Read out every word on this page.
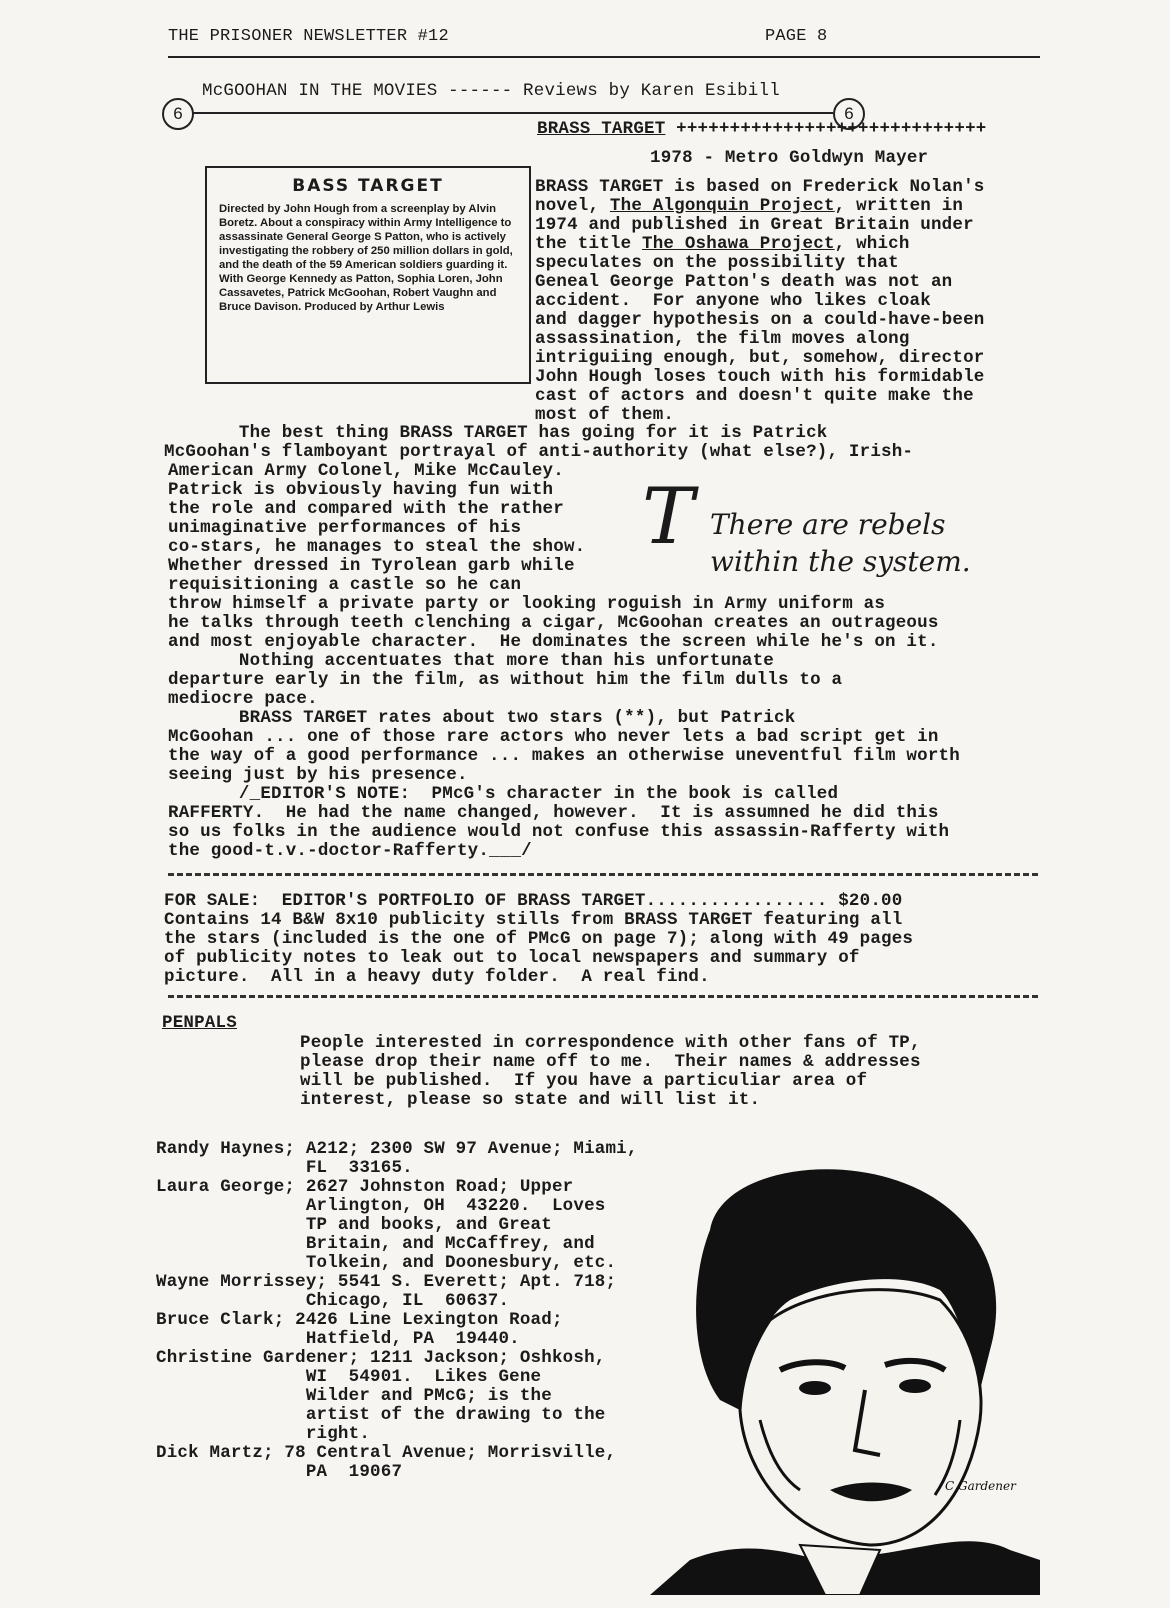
THE PRISONER NEWSLETTER #12	PAGE 8
McGOOHAN IN THE MOVIES ------ Reviews by Karen Esibill
6	6
BRASS TARGET +++++++++++++++++++++++++++++
1978 - Metro Goldwyn Mayer
BASS TARGET
Directed by John Hough from a screenplay by Alvin Boretz. About a conspiracy within Army Intelligence to assassinate General George S Patton, who is actively investigating the robbery of 250 million dollars in gold, and the death of the 59 American soldiers guarding it. With George Kennedy as Patton, Sophia Loren, John Cassavetes, Patrick McGoohan, Robert Vaughn and Bruce Davison. Produced by Arthur Lewis
BRASS TARGET is based on Frederick Nolan's
novel, The Algonquin Project, written in
1974 and published in Great Britain under
the title The Oshawa Project, which
speculates on the possibility that
Geneal George Patton's death was not an
accident.  For anyone who likes cloak
and dagger hypothesis on a could-have-been
assassination, the film moves along
intriguiing enough, but, somehow, director
John Hough loses touch with his formidable
cast of actors and doesn't quite make the
most of them.
The best thing BRASS TARGET has going for it is Patrick
McGoohan's flamboyant portrayal of anti-authority (what else?), Irish-
American Army Colonel, Mike McCauley.
Patrick is obviously having fun with
the role and compared with the rather
unimaginative performances of his
co-stars, he manages to steal the show.
Whether dressed in Tyrolean garb while
requisitioning a castle so he can
throw himself a private party or looking roguish in Army uniform as
he talks through teeth clenching a cigar, McGoohan creates an outrageous
and most enjoyable character.  He dominates the screen while he's on it.
Nothing accentuates that more than his unfortunate
departure early in the film, as without him the film dulls to a
mediocre pace.
BRASS TARGET rates about two stars (**), but Patrick
McGoohan ... one of those rare actors who never lets a bad script get in
the way of a good performance ... makes an otherwise uneventful film worth
seeing just by his presence.
/_EDITOR'S NOTE:  PMcG's character in the book is called
RAFFERTY.  He had the name changed, however.  It is assumned he did this
so us folks in the audience would not confuse this assassin-Rafferty with
the good-t.v.-doctor-Rafferty.___/
T There are rebels
within the system.
FOR SALE:  EDITOR'S PORTFOLIO OF BRASS TARGET................. $20.00
Contains 14 B&W 8x10 publicity stills from BRASS TARGET featuring all
the stars (included is the one of PMcG on page 7); along with 49 pages
of publicity notes to leak out to local newspapers and summary of
picture.  All in a heavy duty folder.  A real find.
PENPALS
People interested in correspondence with other fans of TP,
please drop their name off to me.  Their names & addresses
will be published.  If you have a particuliar area of
interest, please so state and will list it.
Randy Haynes; A212; 2300 SW 97 Avenue; Miami,
FL  33165.
Laura George; 2627 Johnston Road; Upper
Arlington, OH  43220.  Loves
TP and books, and Great
Britain, and McCaffrey, and
Tolkein, and Doonesbury, etc.
Wayne Morrissey; 5541 S. Everett; Apt. 718;
Chicago, IL  60637.
Bruce Clark; 2426 Line Lexington Road;
Hatfield, PA  19440.
Christine Gardener; 1211 Jackson; Oshkosh,
WI  54901.  Likes Gene
Wilder and PMcG; is the
artist of the drawing to the
right.
Dick Martz; 78 Central Avenue; Morrisville,
PA  19067
C Gardener
